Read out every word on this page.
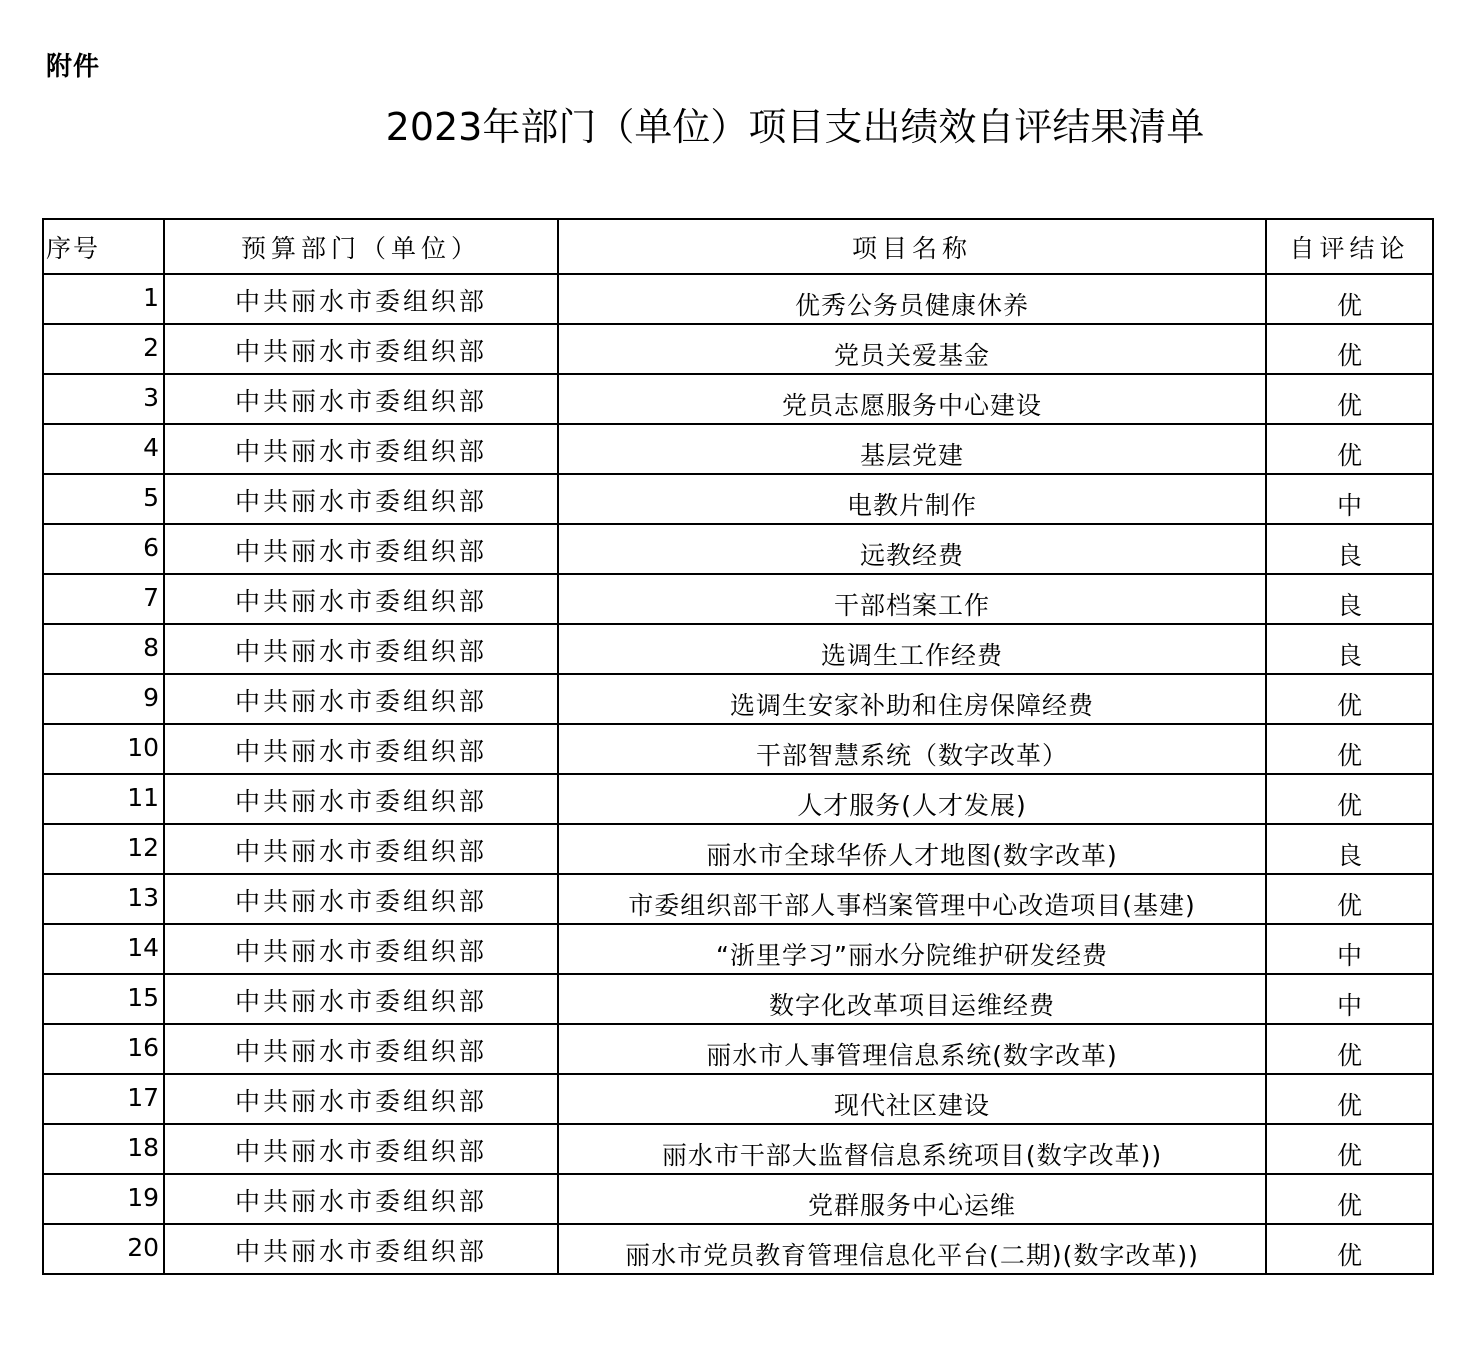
附件
2023年部门（单位）项目支出绩效自评结果清单
序号	预算部门（单位）	项目名称	自评结论
1	中共丽水市委组织部	优秀公务员健康休养	优
2	中共丽水市委组织部	党员关爱基金	优
3	中共丽水市委组织部	党员志愿服务中心建设	优
4	中共丽水市委组织部	基层党建	优
5	中共丽水市委组织部	电教片制作	中
6	中共丽水市委组织部	远教经费	良
7	中共丽水市委组织部	干部档案工作	良
8	中共丽水市委组织部	选调生工作经费	良
9	中共丽水市委组织部	选调生安家补助和住房保障经费	优
10	中共丽水市委组织部	干部智慧系统（数字改革）	优
11	中共丽水市委组织部	人才服务(人才发展)	优
12	中共丽水市委组织部	丽水市全球华侨人才地图(数字改革)	良
13	中共丽水市委组织部	市委组织部干部人事档案管理中心改造项目(基建)	优
14	中共丽水市委组织部	“浙里学习”丽水分院维护研发经费	中
15	中共丽水市委组织部	数字化改革项目运维经费	中
16	中共丽水市委组织部	丽水市人事管理信息系统(数字改革)	优
17	中共丽水市委组织部	现代社区建设	优
18	中共丽水市委组织部	丽水市干部大监督信息系统项目(数字改革))	优
19	中共丽水市委组织部	党群服务中心运维	优
20	中共丽水市委组织部	丽水市党员教育管理信息化平台(二期)(数字改革))	优
